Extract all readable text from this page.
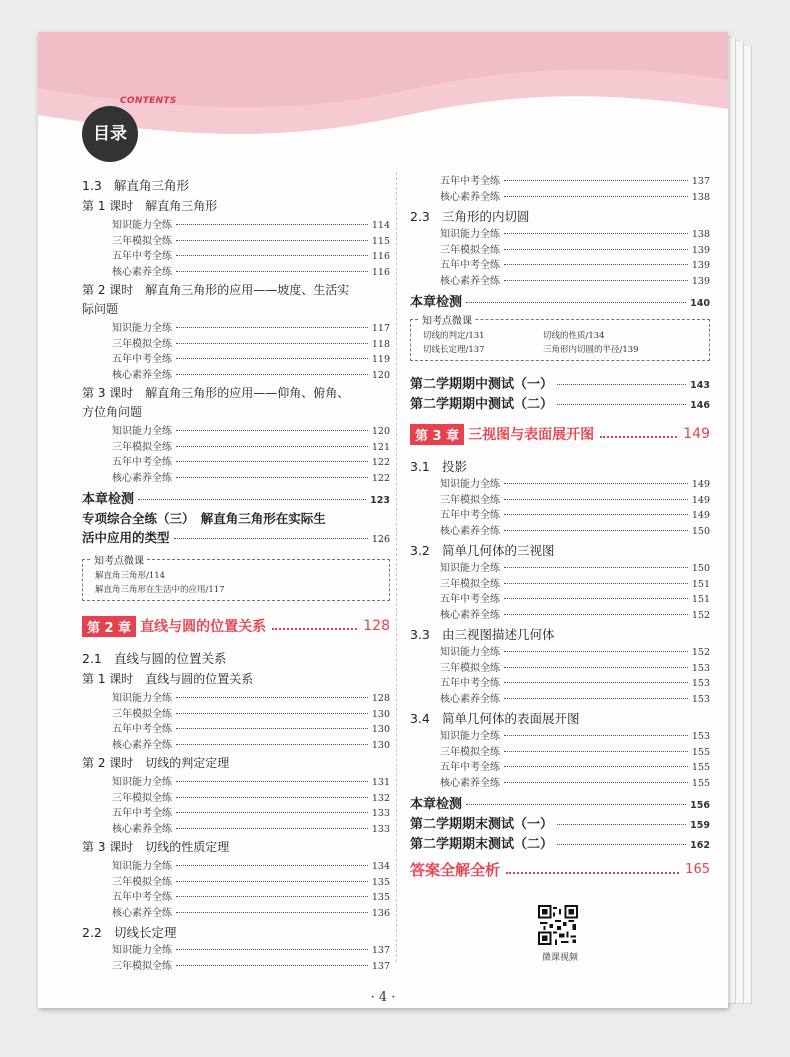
目录
CONTENTS
1.3 解直角三角形
第 1 课时　解直角三角形
知识能力全练	114
三年模拟全练	115
五年中考全练	116
核心素养全练	116
第 2 课时　解直角三角形的应用——坡度、生活实
际问题
知识能力全练	117
三年模拟全练	118
五年中考全练	119
核心素养全练	120
第 3 课时　解直角三角形的应用——仰角、俯角、
方位角问题
知识能力全练	120
三年模拟全练	121
五年中考全练	122
核心素养全练	122
本章检测	123
专项综合全练（三）　解直角三角形在实际生
活中应用的类型	126
知考点微课
解直角三角形/114
解直角三角形在生活中的应用/117
第 2 章 直线与圆的位置关系	128
2.1 直线与圆的位置关系
第 1 课时　直线与圆的位置关系
知识能力全练	128
三年模拟全练	130
五年中考全练	130
核心素养全练	130
第 2 课时　切线的判定定理
知识能力全练	131
三年模拟全练	132
五年中考全练	133
核心素养全练	133
第 3 课时　切线的性质定理
知识能力全练	134
三年模拟全练	135
五年中考全练	135
核心素养全练	136
2.2 切线长定理
知识能力全练	137
三年模拟全练	137
五年中考全练	137
核心素养全练	138
2.3 三角形的内切圆
知识能力全练	138
三年模拟全练	139
五年中考全练	139
核心素养全练	139
本章检测	140
知考点微课
切线的判定/131	切线的性质/134
切线长定理/137	三角形内切圆的半径/139
第二学期期中测试（一）	143
第二学期期中测试（二）	146
第 3 章 三视图与表面展开图	149
3.1 投影
知识能力全练	149
三年模拟全练	149
五年中考全练	149
核心素养全练	150
3.2 简单几何体的三视图
知识能力全练	150
三年模拟全练	151
五年中考全练	151
核心素养全练	152
3.3 由三视图描述几何体
知识能力全练	152
三年模拟全练	153
五年中考全练	153
核心素养全练	153
3.4 简单几何体的表面展开图
知识能力全练	153
三年模拟全练	155
五年中考全练	155
核心素养全练	155
本章检测	156
第二学期期末测试（一）	159
第二学期期末测试（二）	162
答案全解全析	165
微课视频
· 4 ·
